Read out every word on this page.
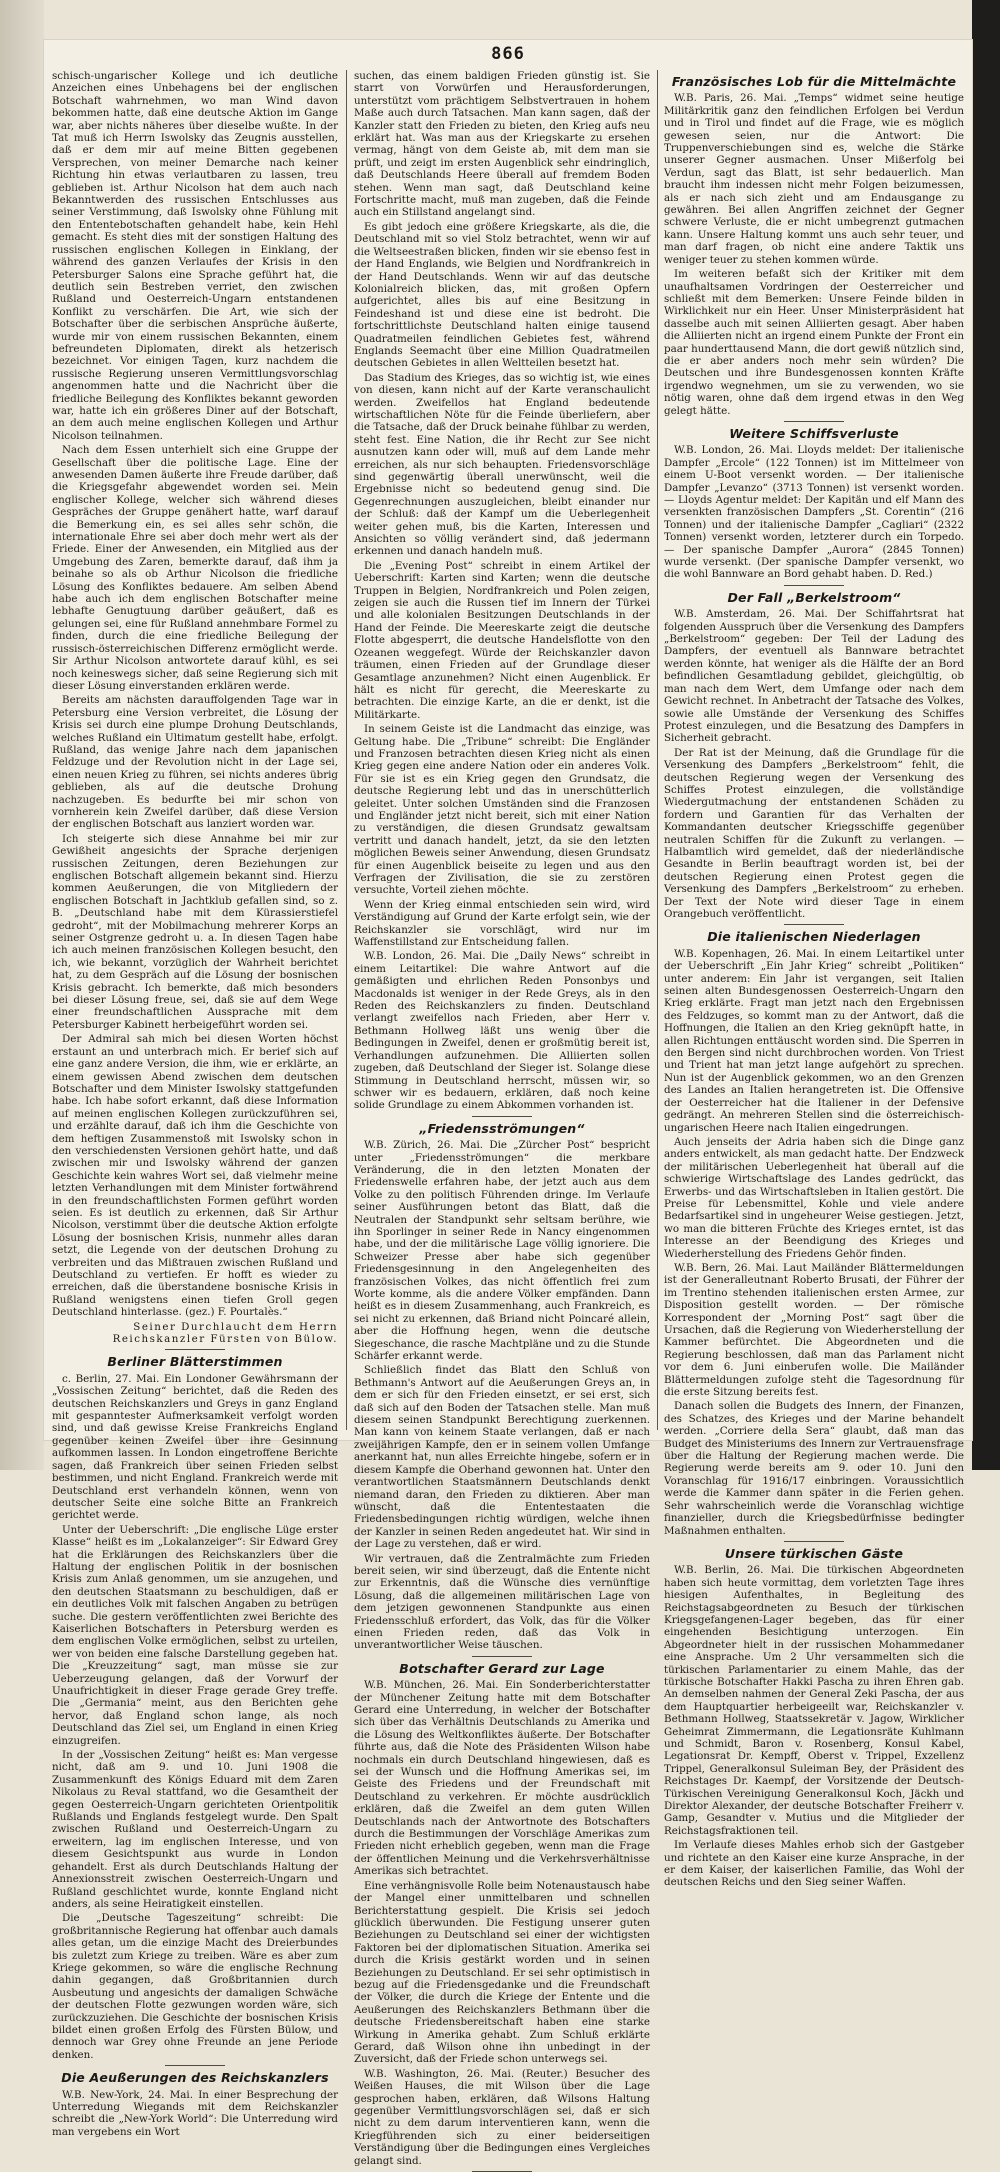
866

schisch-ungarischer Kollege und ich deutliche Anzeichen eines Unbehagens bei der englischen Botschaft wahrnehmen, wo man Wind davon bekommen hatte, daß eine deutsche Aktion im Gange war, aber nichts näheres über dieselbe wußte. In der Tat muß ich Herrn Iswolsky das Zeugnis ausstellen, daß er dem mir auf meine Bitten gegebenen Versprechen, von meiner Demarche nach keiner Richtung hin etwas verlautbaren zu lassen, treu geblieben ist. Arthur Nicolson hat dem auch nach Bekanntwerden des russischen Entschlusses aus seiner Verstimmung, daß Iswolsky ohne Fühlung mit den Ententebotschaften gehandelt habe, kein Hehl gemacht. Es steht dies mit der sonstigen Haltung des russischen englischen Kollegen in Einklang, der während des ganzen Verlaufes der Krisis in den Petersburger Salons eine Sprache geführt hat, die deutlich sein Bestreben verriet, den zwischen Rußland und Oesterreich-Ungarn entstandenen Konflikt zu verschärfen. Die Art, wie sich der Botschafter über die serbischen Ansprüche äußerte, wurde mir von einem russischen Bekannten, einem befreundeten Diplomaten, direkt als hetzerisch bezeichnet. Vor einigen Tagen, kurz nachdem die russische Regierung unseren Vermittlungsvorschlag angenommen hatte und die Nachricht über die friedliche Beilegung des Konfliktes bekannt geworden war, hatte ich ein größeres Diner auf der Botschaft, an dem auch meine englischen Kollegen und Arthur Nicolson teilnahmen.

Nach dem Essen unterhielt sich eine Gruppe der Gesellschaft über die politische Lage. Eine der anwesenden Damen äußerte ihre Freude darüber, daß die Kriegsgefahr abgewendet worden sei. Mein englischer Kollege, welcher sich während dieses Gespräches der Gruppe genähert hatte, warf darauf die Bemerkung ein, es sei alles sehr schön, die internationale Ehre sei aber doch mehr wert als der Friede. Einer der Anwesenden, ein Mitglied aus der Umgebung des Zaren, bemerkte darauf, daß ihm ja beinahe so als ob Arthur Nicolson die friedliche Lösung des Konfliktes bedauere. Am selben Abend habe auch ich dem englischen Botschafter meine lebhafte Genugtuung darüber geäußert, daß es gelungen sei, eine für Rußland annehmbare Formel zu finden, durch die eine friedliche Beilegung der russisch-österreichischen Differenz ermöglicht werde. Sir Arthur Nicolson antwortete darauf kühl, es sei noch keineswegs sicher, daß seine Regierung sich mit dieser Lösung einverstanden erklären werde.

Bereits am nächsten darauffolgenden Tage war in Petersburg eine Version verbreitet, die Lösung der Krisis sei durch eine plumpe Drohung Deutschlands, welches Rußland ein Ultimatum gestellt habe, erfolgt. Rußland, das wenige Jahre nach dem japanischen Feldzuge und der Revolution nicht in der Lage sei, einen neuen Krieg zu führen, sei nichts anderes übrig geblieben, als auf die deutsche Drohung nachzugeben. Es bedurfte bei mir schon von vornherein kein Zweifel darüber, daß diese Version der englischen Botschaft aus lanziert worden war.

Ich steigerte sich diese Annahme bei mir zur Gewißheit angesichts der Sprache derjenigen russischen Zeitungen, deren Beziehungen zur englischen Botschaft allgemein bekannt sind. Hierzu kommen Aeußerungen, die von Mitgliedern der englischen Botschaft in Jachtklub gefallen sind, so z. B. „Deutschland habe mit dem Kürassierstiefel gedroht“, mit der Mobilmachung mehrerer Korps an seiner Ostgrenze gedroht u. a. In diesen Tagen habe ich auch meinen französischen Kollegen besucht, den ich, wie bekannt, vorzüglich der Wahrheit berichtet hat, zu dem Gespräch auf die Lösung der bosnischen Krisis gebracht. Ich bemerkte, daß mich besonders bei dieser Lösung freue, sei, daß sie auf dem Wege einer freundschaftlichen Aussprache mit dem Petersburger Kabinett herbeigeführt worden sei.

Der Admiral sah mich bei diesen Worten höchst erstaunt an und unterbrach mich. Er berief sich auf eine ganz andere Version, die ihm, wie er erklärte, an einem gewissen Abend zwischen dem deutschen Botschafter und dem Minister Iswolsky stattgefunden habe. Ich habe sofort erkannt, daß diese Information auf meinen englischen Kollegen zurückzuführen sei, und erzählte darauf, daß ich ihm die Geschichte von dem heftigen Zusammenstoß mit Iswolsky schon in den verschiedensten Versionen gehört hatte, und daß zwischen mir und Iswolsky während der ganzen Geschichte kein wahres Wort sei, daß vielmehr meine letzten Verhandlungen mit dem Minister fortwährend in den freundschaftlichsten Formen geführt worden seien. Es ist deutlich zu erkennen, daß Sir Arthur Nicolson, verstimmt über die deutsche Aktion erfolgte Lösung der bosnischen Krisis, nunmehr alles daran setzt, die Legende von der deutschen Drohung zu verbreiten und das Mißtrauen zwischen Rußland und Deutschland zu vertiefen. Er hofft es wieder zu erreichen, daß die überstandene bosnische Krisis in Rußland wenigstens einen tiefen Groll gegen Deutschland hinterlasse. (gez.) F. Pourtalès.“

Seiner Durchlaucht dem Herrn Reichskanzler Fürsten von Bülow.

Berliner Blätterstimmen

c. Berlin, 27. Mai. Ein Londoner Gewährsmann der „Vossischen Zeitung“ berichtet, daß die Reden des deutschen Reichskanzlers und Greys in ganz England mit gespanntester Aufmerksamkeit verfolgt worden sind, und daß gewisse Kreise Frankreichs England gegenüber keinen Zweifel über ihre Gesinnung aufkommen lassen. In London eingetroffene Berichte sagen, daß Frankreich über seinen Frieden selbst bestimmen, und nicht England. Frankreich werde mit Deutschland erst verhandeln können, wenn von deutscher Seite eine solche Bitte an Frankreich gerichtet werde.

Unter der Ueberschrift: „Die englische Lüge erster Klasse“ heißt es im „Lokalanzeiger“: Sir Edward Grey hat die Erklärungen des Reichskanzlers über die Haltung der englischen Politik in der bosnischen Krisis zum Anlaß genommen, um sie anzugehen, und den deutschen Staatsmann zu beschuldigen, daß er ein deutliches Volk mit falschen Angaben zu betrügen suche. Die gestern veröffentlichten zwei Berichte des Kaiserlichen Botschafters in Petersburg werden es dem englischen Volke ermöglichen, selbst zu urteilen, wer von beiden eine falsche Darstellung gegeben hat. Die „Kreuzzeitung“ sagt, man müsse sie zur Ueberzeugung gelangen, daß der Vorwurf der Unaufrichtigkeit in dieser Frage gerade Grey treffe. Die „Germania“ meint, aus den Berichten gehe hervor, daß England schon lange, als noch Deutschland das Ziel sei, um England in einen Krieg einzugreifen.

In der „Vossischen Zeitung“ heißt es: Man vergesse nicht, daß am 9. und 10. Juni 1908 die Zusammenkunft des Königs Eduard mit dem Zaren Nikolaus zu Reval stattfand, wo die Gesamtheit der gegen Oesterreich-Ungarn gerichteten Orientpolitik Rußlands und Englands festgelegt wurde. Den Spalt zwischen Rußland und Oesterreich-Ungarn zu erweitern, lag im englischen Interesse, und von diesem Gesichtspunkt aus wurde in London gehandelt. Erst als durch Deutschlands Haltung der Annexionsstreit zwischen Oesterreich-Ungarn und Rußland geschlichtet wurde, konnte England nicht anders, als seine Heiratigkeit einstellen.

Die „Deutsche Tageszeitung“ schreibt: Die großbritannische Regierung hat offenbar auch damals alles getan, um die einzige Macht des Dreierbundes bis zuletzt zum Kriege zu treiben. Wäre es aber zum Kriege gekommen, so wäre die englische Rechnung dahin gegangen, daß Großbritannien durch Ausbeutung und angesichts der damaligen Schwäche der deutschen Flotte gezwungen worden wäre, sich zurückzuziehen. Die Geschichte der bosnischen Krisis bildet einen großen Erfolg des Fürsten Bülow, und dennoch war Grey ohne Freunde an jene Periode denken.

Die Aeußerungen des Reichskanzlers

W.B. New-York, 24. Mai. In einer Besprechung der Unterredung Wiegands mit dem Reichskanzler schreibt die „New-York World“: Die Unterredung wird man vergebens ein Wort

suchen, das einem baldigen Frieden günstig ist. Sie starrt von Vorwürfen und Herausforderungen, unterstützt vom prächtigem Selbstvertrauen in hohem Maße auch durch Tatsachen. Man kann sagen, daß der Kanzler statt den Frieden zu bieten, den Krieg aufs neu erklärt hat. Was man aus der Kriegskarte zu ersehen vermag, hängt von dem Geiste ab, mit dem man sie prüft, und zeigt im ersten Augenblick sehr eindringlich, daß Deutschlands Heere überall auf fremdem Boden stehen. Wenn man sagt, daß Deutschland keine Fortschritte macht, muß man zugeben, daß die Feinde auch ein Stillstand angelangt sind.

Es gibt jedoch eine größere Kriegskarte, als die, die Deutschland mit so viel Stolz betrachtet, wenn wir auf die Weltseestraßen blicken, finden wir sie ebenso fest in der Hand Englands, wie Belgien und Nordfrankreich in der Hand Deutschlands. Wenn wir auf das deutsche Kolonialreich blicken, das, mit großen Opfern aufgerichtet, alles bis auf eine Besitzung in Feindeshand ist und diese eine ist bedroht. Die fortschrittlichste Deutschland halten einige tausend Quadratmeilen feindlichen Gebietes fest, während Englands Seemacht über eine Million Quadratmeilen deutschen Gebietes in allen Weltteilen besetzt hat.

Das Stadium des Krieges, das so wichtig ist, wie eines von diesen, kann nicht auf der Karte veranschaulicht werden. Zweifellos hat England bedeutende wirtschaftlichen Nöte für die Feinde überliefern, aber die Tatsache, daß der Druck beinahe fühlbar zu werden, steht fest. Eine Nation, die ihr Recht zur See nicht ausnutzen kann oder will, muß auf dem Lande mehr erreichen, als nur sich behaupten. Friedensvorschläge sind gegenwärtig überall unerwünscht, weil die Ergebnisse nicht so bedeutend genug sind. Die Gegenrechnungen auszugleichen, bleibt einander nur der Schluß: daß der Kampf um die Ueberlegenheit weiter gehen muß, bis die Karten, Interessen und Ansichten so völlig verändert sind, daß jedermann erkennen und danach handeln muß.

Die „Evening Post“ schreibt in einem Artikel der Ueberschrift: Karten sind Karten; wenn die deutsche Truppen in Belgien, Nordfrankreich und Polen zeigen, zeigen sie auch die Russen tief im Innern der Türkei und alle kolonialen Besitzungen Deutschlands in der Hand der Feinde. Die Meereskarte zeigt die deutsche Flotte abgesperrt, die deutsche Handelsflotte von den Ozeanen weggefegt. Würde der Reichskanzler davon träumen, einen Frieden auf der Grundlage dieser Gesamtlage anzunehmen? Nicht einen Augenblick. Er hält es nicht für gerecht, die Meereskarte zu betrachten. Die einzige Karte, an die er denkt, ist die Militärkarte.

In seinem Geiste ist die Landmacht das einzige, was Geltung habe. Die „Tribune“ schreibt: Die Engländer und Franzosen betrachten diesen Krieg nicht als einen Krieg gegen eine andere Nation oder ein anderes Volk. Für sie ist es ein Krieg gegen den Grundsatz, die deutsche Regierung lebt und das in unerschütterlich geleitet. Unter solchen Umständen sind die Franzosen und Engländer jetzt nicht bereit, sich mit einer Nation zu verständigen, die diesen Grundsatz gewaltsam vertritt und danach handelt, jetzt, da sie den letzten möglichen Beweis seiner Anwendung, diesen Grundsatz für einen Augenblick beiseite zu legen und aus den Verfragen der Zivilisation, die sie zu zerstören versuchte, Vorteil ziehen möchte.

Wenn der Krieg einmal entschieden sein wird, wird Verständigung auf Grund der Karte erfolgt sein, wie der Reichskanzler sie vorschlägt, wird nur im Waffenstillstand zur Entscheidung fallen.

W.B. London, 26. Mai. Die „Daily News“ schreibt in einem Leitartikel: Die wahre Antwort auf die gemäßigten und ehrlichen Reden Ponsonbys und Macdonalds ist weniger in der Rede Greys, als in den Reden des Reichskanzlers zu finden. Deutschland verlangt zweifellos nach Frieden, aber Herr v. Bethmann Hollweg läßt uns wenig über die Bedingungen in Zweifel, denen er großmütig bereit ist, Verhandlungen aufzunehmen. Die Alliierten sollen zugeben, daß Deutschland der Sieger ist. Solange diese Stimmung in Deutschland herrscht, müssen wir, so schwer wir es bedauern, erklären, daß noch keine solide Grundlage zu einem Abkommen vorhanden ist.

„Friedensströmungen“

W.B. Zürich, 26. Mai. Die „Zürcher Post“ bespricht unter „Friedensströmungen“ die merkbare Veränderung, die in den letzten Monaten der Friedenswelle erfahren habe, der jetzt auch aus dem Volke zu den politisch Führenden dringe. Im Verlaufe seiner Ausführungen betont das Blatt, daß die Neutralen der Standpunkt sehr seltsam berühre, wie ihn Sporlinger in seiner Rede in Nancy eingenommen habe, und der die militärische Lage völlig ignoriere. Die Schweizer Presse aber habe sich gegenüber Friedensgesinnung in den Angelegenheiten des französischen Volkes, das nicht öffentlich frei zum Worte komme, als die andere Völker empfänden. Dann heißt es in diesem Zusammenhang, auch Frankreich, es sei nicht zu erkennen, daß Briand nicht Poincaré allein, aber die Hoffnung hegen, wenn die deutsche Siegeschance, die rasche Machtpläne und zu die Stunde Schärfer erkannt werde.

Schließlich findet das Blatt den Schluß von Bethmann's Antwort auf die Aeußerungen Greys an, in dem er sich für den Frieden einsetzt, er sei erst, sich daß sich auf den Boden der Tatsachen stelle. Man muß diesem seinen Standpunkt Berechtigung zuerkennen. Man kann von keinem Staate verlangen, daß er nach zweijährigen Kampfe, den er in seinem vollen Umfange anerkannt hat, nun alles Erreichte hingebe, sofern er in diesem Kampfe die Oberhand gewonnen hat. Unter den verantwortlichen Staatsmännern Deutschlands denkt niemand daran, den Frieden zu diktieren. Aber man wünscht, daß die Ententestaaten die Friedensbedingungen richtig würdigen, welche ihnen der Kanzler in seinen Reden angedeutet hat. Wir sind in der Lage zu verstehen, daß er wird.

Wir vertrauen, daß die Zentralmächte zum Frieden bereit seien, wir sind überzeugt, daß die Entente nicht zur Erkenntnis, daß die Wünsche dies vernünftige Lösung, daß die allgemeinen militärischen Lage von dem jetzigen gewonnenen Standpunkte aus einen Friedensschluß erfordert, das Volk, das für die Völker einen Frieden reden, daß das Volk in unverantwortlicher Weise täuschen.

Botschafter Gerard zur Lage

W.B. München, 26. Mai. Ein Sonderberichterstatter der Münchener Zeitung hatte mit dem Botschafter Gerard eine Unterredung, in welcher der Botschafter sich über das Verhältnis Deutschlands zu Amerika und die Lösung des Weltkonfliktes äußerte. Der Botschafter führte aus, daß die Note des Präsidenten Wilson habe nochmals ein durch Deutschland hingewiesen, daß es sei der Wunsch und die Hoffnung Amerikas sei, im Geiste des Friedens und der Freundschaft mit Deutschland zu verkehren. Er möchte ausdrücklich erklären, daß die Zweifel an dem guten Willen Deutschlands nach der Antwortnote des Botschafters durch die Bestimmungen der Vorschläge Amerikas zum Frieden nicht erheblich gegeben, wenn man die Frage der öffentlichen Meinung und die Verkehrsverhältnisse Amerikas sich betrachtet.

Eine verhängnisvolle Rolle beim Notenaustausch habe der Mangel einer unmittelbaren und schnellen Berichterstattung gespielt. Die Krisis sei jedoch glücklich überwunden. Die Festigung unserer guten Beziehungen zu Deutschland sei einer der wichtigsten Faktoren bei der diplomatischen Situation. Amerika sei durch die Krisis gestärkt worden und in seinen Beziehungen zu Deutschland. Er sei sehr optimistisch in bezug auf die Friedensgedanke und die Freundschaft der Völker, die durch die Kriege der Entente und die Aeußerungen des Reichskanzlers Bethmann über die deutsche Friedensbereitschaft haben eine starke Wirkung in Amerika gehabt. Zum Schluß erklärte Gerard, daß Wilson ohne ihn unbedingt in der Zuversicht, daß der Friede schon unterwegs sei.

W.B. Washington, 26. Mai. (Reuter.) Besucher des Weißen Hauses, die mit Wilson über die Lage gesprochen haben, erklären, daß Wilsons Haltung gegenüber Vermittlungsvorschlägen sei, daß er sich nicht zu dem darum interventieren kann, wenn die Kriegführenden sich zu einer beiderseitigen Verständigung über die Bedingungen eines Vergleiches gelangt sind.

Französisches Lob für die Mittelmächte

W.B. Paris, 26. Mai. „Temps“ widmet seine heutige Militärkritik ganz den feindlichen Erfolgen bei Verdun und in Tirol und findet auf die Frage, wie es möglich gewesen seien, nur die Antwort: Die Truppenverschiebungen sind es, welche die Stärke unserer Gegner ausmachen. Unser Mißerfolg bei Verdun, sagt das Blatt, ist sehr bedauerlich. Man braucht ihm indessen nicht mehr Folgen beizumessen, als er nach sich zieht und am Endausgange zu gewähren. Bei allen Angriffen zeichnet der Gegner schwere Verluste, die er nicht umbegrenzt gutmachen kann. Unsere Haltung kommt uns auch sehr teuer, und man darf fragen, ob nicht eine andere Taktik uns weniger teuer zu stehen kommen würde.

Im weiteren befaßt sich der Kritiker mit dem unaufhaltsamen Vordringen der Oesterreicher und schließt mit dem Bemerken: Unsere Feinde bilden in Wirklichkeit nur ein Heer. Unser Ministerpräsident hat dasselbe auch mit seinen Alliierten gesagt. Aber haben die Alliierten nicht an irgend einem Punkte der Front ein paar hunderttausend Mann, die dort gewiß nützlich sind, die er aber anders noch mehr sein würden? Die Deutschen und ihre Bundesgenossen konnten Kräfte irgendwo wegnehmen, um sie zu verwenden, wo sie nötig waren, ohne daß dem irgend etwas in den Weg gelegt hätte.

Weitere Schiffsverluste

W.B. London, 26. Mai. Lloyds meldet: Der italienische Dampfer „Ercole“ (122 Tonnen) ist im Mittelmeer von einem U-Boot versenkt worden. — Der italienische Dampfer „Levanzo“ (3713 Tonnen) ist versenkt worden. — Lloyds Agentur meldet: Der Kapitän und elf Mann des versenkten französischen Dampfers „St. Corentin“ (216 Tonnen) und der italienische Dampfer „Cagliari“ (2322 Tonnen) versenkt worden, letzterer durch ein Torpedo. — Der spanische Dampfer „Aurora“ (2845 Tonnen) wurde versenkt. (Der spanische Dampfer versenkt, wo die wohl Bannware an Bord gehabt haben. D. Red.)

Der Fall „Berkelstroom“

W.B. Amsterdam, 26. Mai. Der Schiffahrtsrat hat folgenden Ausspruch über die Versenkung des Dampfers „Berkelstroom“ gegeben: Der Teil der Ladung des Dampfers, der eventuell als Bannware betrachtet werden könnte, hat weniger als die Hälfte der an Bord befindlichen Gesamtladung gebildet, gleichgültig, ob man nach dem Wert, dem Umfange oder nach dem Gewicht rechnet. In Anbetracht der Tatsache des Volkes, sowie alle Umstände der Versenkung des Schiffes Protest einzulegen, und die Besatzung des Dampfers in Sicherheit gebracht.

Der Rat ist der Meinung, daß die Grundlage für die Versenkung des Dampfers „Berkelstroom“ fehlt, die deutschen Regierung wegen der Versenkung des Schiffes Protest einzulegen, die vollständige Wiedergutmachung der entstandenen Schäden zu fordern und Garantien für das Verhalten der Kommandanten deutscher Kriegsschiffe gegenüber neutralen Schiffen für die Zukunft zu verlangen. — Halbamtlich wird gemeldet, daß der niederländische Gesandte in Berlin beauftragt worden ist, bei der deutschen Regierung einen Protest gegen die Versenkung des Dampfers „Berkelstroom“ zu erheben. Der Text der Note wird dieser Tage in einem Orangebuch veröffentlicht.

Die italienischen Niederlagen

W.B. Kopenhagen, 26. Mai. In einem Leitartikel unter der Ueberschrift „Ein Jahr Krieg“ schreibt „Politiken“ unter anderem: Ein Jahr ist vergangen, seit Italien seinen alten Bundesgenossen Oesterreich-Ungarn den Krieg erklärte. Fragt man jetzt nach den Ergebnissen des Feldzuges, so kommt man zu der Antwort, daß die Hoffnungen, die Italien an den Krieg geknüpft hatte, in allen Richtungen enttäuscht worden sind. Die Sperren in den Bergen sind nicht durchbrochen worden. Von Triest und Trient hat man jetzt lange aufgehört zu sprechen. Nun ist der Augenblick gekommen, wo an den Grenzen des Landes an Italien herangetreten ist. Die Offensive der Oesterreicher hat die Italiener in der Defensive gedrängt. An mehreren Stellen sind die österreichisch-ungarischen Heere nach Italien eingedrungen.

Auch jenseits der Adria haben sich die Dinge ganz anders entwickelt, als man gedacht hatte. Der Endzweck der militärischen Ueberlegenheit hat überall auf die schwierige Wirtschaftslage des Landes gedrückt, das Erwerbs- und das Wirtschaftsleben in Italien gestört. Die Preise für Lebensmittel, Kohle und viele andere Bedarfsartikel sind in ungeheurer Weise gestiegen. Jetzt, wo man die bitteren Früchte des Krieges erntet, ist das Interesse an der Beendigung des Krieges und Wiederherstellung des Friedens Gehör finden.

W.B. Bern, 26. Mai. Laut Mailänder Blättermeldungen ist der Generalleutnant Roberto Brusati, der Führer der im Trentino stehenden italienischen ersten Armee, zur Disposition gestellt worden. — Der römische Korrespondent der „Morning Post“ sagt über die Ursachen, daß die Regierung von Wiederherstellung der Kammer befürchtet. Die Abgeordneten und die Regierung beschlossen, daß man das Parlament nicht vor dem 6. Juni einberufen wolle. Die Mailänder Blättermeldungen zufolge steht die Tagesordnung für die erste Sitzung bereits fest.

Danach sollen die Budgets des Innern, der Finanzen, des Schatzes, des Krieges und der Marine behandelt werden. „Corriere della Sera“ glaubt, daß man das Budget des Ministeriums des Innern zur Vertrauensfrage über die Haltung der Regierung machen werde. Die Regierung werde bereits am 9. oder 10. Juni den Voranschlag für 1916/17 einbringen. Voraussichtlich werde die Kammer dann später in die Ferien gehen. Sehr wahrscheinlich werde die Voranschlag wichtige finanzieller, durch die Kriegsbedürfnisse bedingter Maßnahmen enthalten.

Unsere türkischen Gäste

W.B. Berlin, 26. Mai. Die türkischen Abgeordneten haben sich heute vormittag, dem vorletzten Tage ihres hiesigen Aufenthaltes, in Begleitung des Reichstagsabgeordneten zu Besuch der türkischen Kriegsgefangenen-Lager begeben, das für einer eingehenden Besichtigung unterzogen. Ein Abgeordneter hielt in der russischen Mohammedaner eine Ansprache. Um 2 Uhr versammelten sich die türkischen Parlamentarier zu einem Mahle, das der türkische Botschafter Hakki Pascha zu ihren Ehren gab. An demselben nahmen der General Zeki Pascha, der aus dem Hauptquartier herbeigeeilt war, Reichskanzler v. Bethmann Hollweg, Staatssekretär v. Jagow, Wirklicher Geheimrat Zimmermann, die Legationsräte Kuhlmann und Schmidt, Baron v. Rosenberg, Konsul Kabel, Legationsrat Dr. Kempff, Oberst v. Trippel, Exzellenz Trippel, Generalkonsul Suleiman Bey, der Präsident des Reichstages Dr. Kaempf, der Vorsitzende der Deutsch-Türkischen Vereinigung Generalkonsul Koch, Jäckh und Direktor Alexander, der deutsche Botschafter Freiherr v. Gamp, Gesandter v. Mutius und die Mitglieder der Reichstagsfraktionen teil.

Im Verlaufe dieses Mahles erhob sich der Gastgeber und richtete an den Kaiser eine kurze Ansprache, in der er dem Kaiser, der kaiserlichen Familie, das Wohl der deutschen Reichs und den Sieg seiner Waffen.
